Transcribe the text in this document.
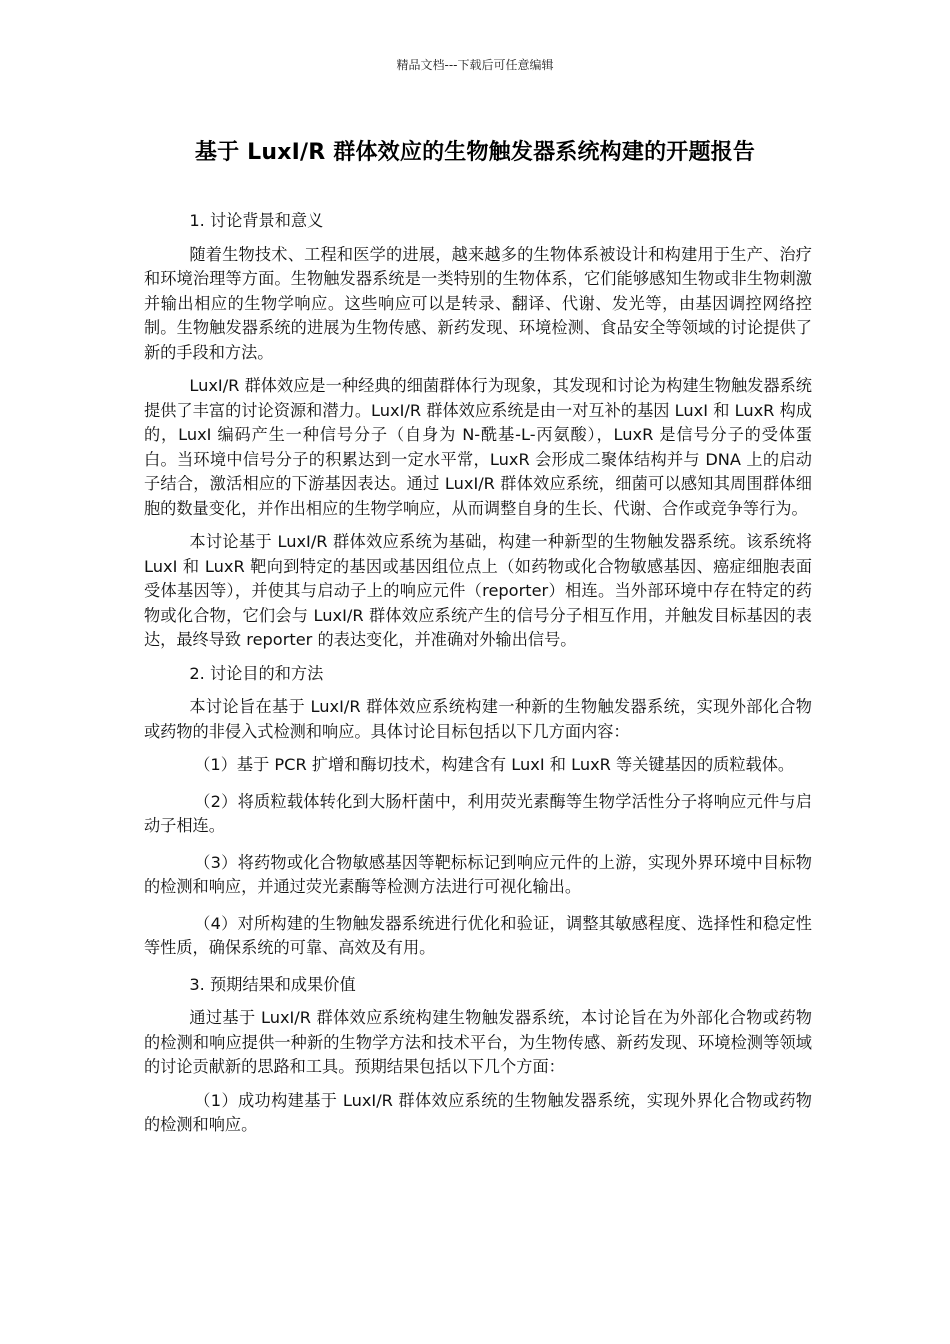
精品文档---下载后可任意编辑
基于 LuxI/R 群体效应的生物触发器系统构建的开题报告

1. 讨论背景和意义

随着生物技术、工程和医学的进展，越来越多的生物体系被设计和构建用于生产、治疗和环境治理等方面。生物触发器系统是一类特别的生物体系，它们能够感知生物或非生物刺激并输出相应的生物学响应。这些响应可以是转录、翻译、代谢、发光等，由基因调控网络控制。生物触发器系统的进展为生物传感、新药发现、环境检测、食品安全等领域的讨论提供了新的手段和方法。

LuxI/R 群体效应是一种经典的细菌群体行为现象，其发现和讨论为构建生物触发器系统提供了丰富的讨论资源和潜力。LuxI/R 群体效应系统是由一对互补的基因 LuxI 和 LuxR 构成的，LuxI 编码产生一种信号分子（自身为 N-酰基-L-丙氨酸），LuxR 是信号分子的受体蛋白。当环境中信号分子的积累达到一定水平常，LuxR 会形成二聚体结构并与 DNA 上的启动子结合，激活相应的下游基因表达。通过 LuxI/R 群体效应系统，细菌可以感知其周围群体细胞的数量变化，并作出相应的生物学响应，从而调整自身的生长、代谢、合作或竞争等行为。

本讨论基于 LuxI/R 群体效应系统为基础，构建一种新型的生物触发器系统。该系统将 LuxI 和 LuxR 靶向到特定的基因或基因组位点上（如药物或化合物敏感基因、癌症细胞表面受体基因等），并使其与启动子上的响应元件（reporter）相连。当外部环境中存在特定的药物或化合物，它们会与 LuxI/R 群体效应系统产生的信号分子相互作用，并触发目标基因的表达，最终导致 reporter 的表达变化，并准确对外输出信号。

2. 讨论目的和方法

本讨论旨在基于 LuxI/R 群体效应系统构建一种新的生物触发器系统，实现外部化合物或药物的非侵入式检测和响应。具体讨论目标包括以下几方面内容：

（1）基于 PCR 扩增和酶切技术，构建含有 LuxI 和 LuxR 等关键基因的质粒载体。

（2）将质粒载体转化到大肠杆菌中，利用荧光素酶等生物学活性分子将响应元件与启动子相连。

（3）将药物或化合物敏感基因等靶标标记到响应元件的上游，实现外界环境中目标物的检测和响应，并通过荧光素酶等检测方法进行可视化输出。

（4）对所构建的生物触发器系统进行优化和验证，调整其敏感程度、选择性和稳定性等性质，确保系统的可靠、高效及有用。

3. 预期结果和成果价值

通过基于 LuxI/R 群体效应系统构建生物触发器系统，本讨论旨在为外部化合物或药物的检测和响应提供一种新的生物学方法和技术平台，为生物传感、新药发现、环境检测等领域的讨论贡献新的思路和工具。预期结果包括以下几个方面：

（1）成功构建基于 LuxI/R 群体效应系统的生物触发器系统，实现外界化合物或药物的检测和响应。
